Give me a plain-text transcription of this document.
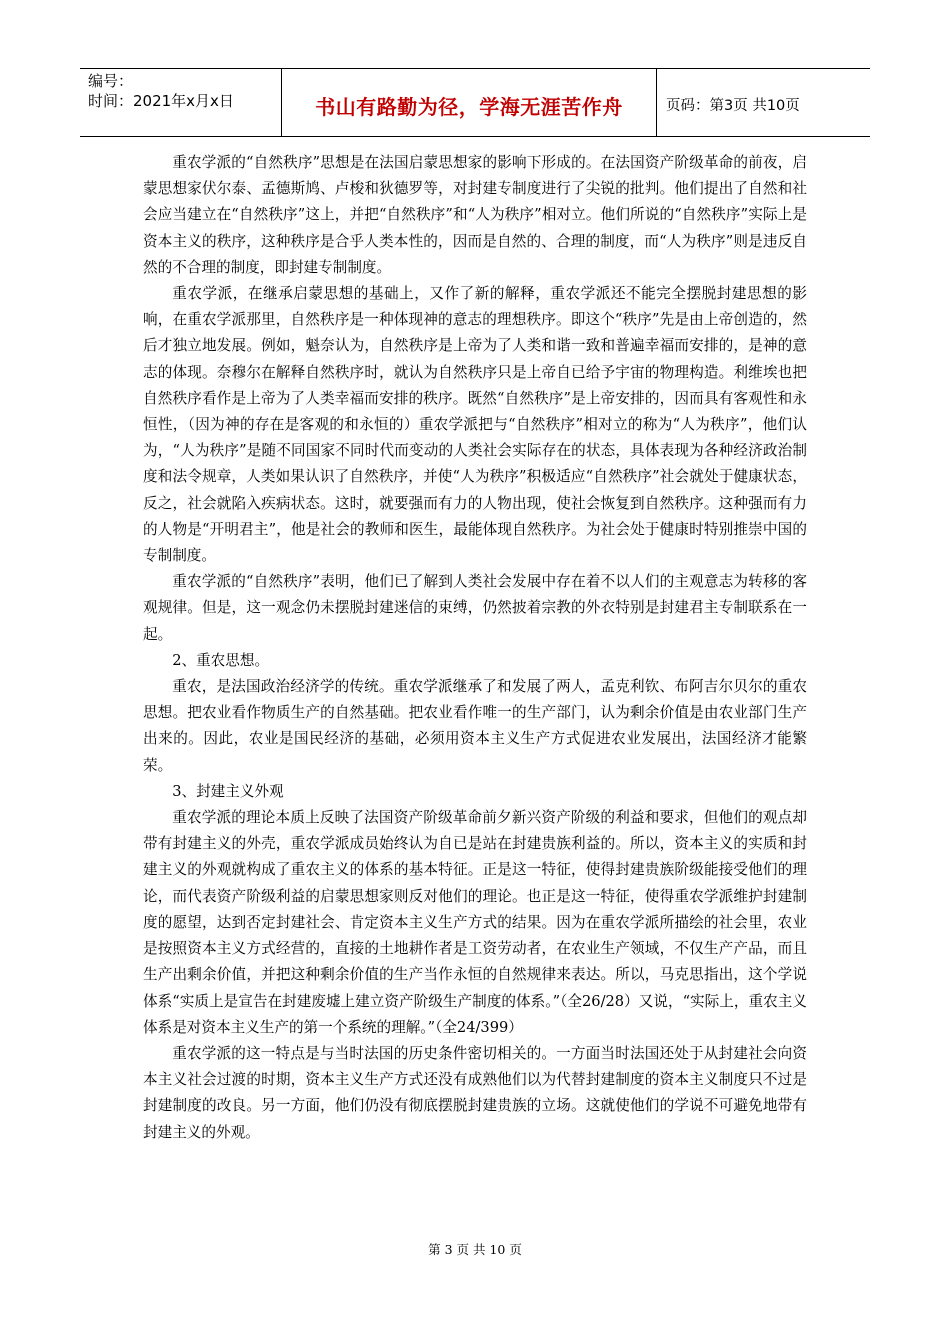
编号：
时间：2021年x月x日	书山有路勤为径，学海无涯苦作舟	页码：第3页 共10页

重农学派的“自然秩序”思想是在法国启蒙思想家的影响下形成的。在法国资产阶级革命的前夜，启蒙思想家伏尔泰、孟德斯鸠、卢梭和狄德罗等，对封建专制度进行了尖锐的批判。他们提出了自然和社会应当建立在“自然秩序”这上，并把“自然秩序”和“人为秩序”相对立。他们所说的“自然秩序”实际上是资本主义的秩序，这种秩序是合乎人类本性的，因而是自然的、合理的制度，而“人为秩序”则是违反自然的不合理的制度，即封建专制制度。

重农学派，在继承启蒙思想的基础上，又作了新的解释，重农学派还不能完全摆脱封建思想的影响，在重农学派那里，自然秩序是一种体现神的意志的理想秩序。即这个“秩序”先是由上帝创造的，然后才独立地发展。例如，魁奈认为，自然秩序是上帝为了人类和谐一致和普遍幸福而安排的，是神的意志的体现。奈穆尔在解释自然秩序时，就认为自然秩序只是上帝自已给予宇宙的物理构造。利维埃也把自然秩序看作是上帝为了人类幸福而安排的秩序。既然“自然秩序”是上帝安排的，因而具有客观性和永恒性，（因为神的存在是客观的和永恒的）重农学派把与“自然秩序”相对立的称为“人为秩序”，他们认为，“人为秩序”是随不同国家不同时代而变动的人类社会实际存在的状态，具体表现为各种经济政治制度和法令规章，人类如果认识了自然秩序，并使“人为秩序”积极适应“自然秩序”社会就处于健康状态，反之，社会就陷入疾病状态。这时，就要强而有力的人物出现，使社会恢复到自然秩序。这种强而有力的人物是“开明君主”，他是社会的教师和医生，最能体现自然秩序。为社会处于健康时特别推崇中国的专制制度。

重农学派的“自然秩序”表明，他们已了解到人类社会发展中存在着不以人们的主观意志为转移的客观规律。但是，这一观念仍未摆脱封建迷信的束缚，仍然披着宗教的外衣特别是封建君主专制联系在一起。

2、重农思想。

重农，是法国政治经济学的传统。重农学派继承了和发展了两人，孟克利钦、布阿吉尔贝尔的重农思想。把农业看作物质生产的自然基础。把农业看作唯一的生产部门，认为剩余价值是由农业部门生产出来的。因此，农业是国民经济的基础，必须用资本主义生产方式促进农业发展出，法国经济才能繁荣。

3、封建主义外观

重农学派的理论本质上反映了法国资产阶级革命前夕新兴资产阶级的利益和要求，但他们的观点却带有封建主义的外壳，重农学派成员始终认为自已是站在封建贵族利益的。所以，资本主义的实质和封建主义的外观就构成了重农主义的体系的基本特征。正是这一特征，使得封建贵族阶级能接受他们的理论，而代表资产阶级利益的启蒙思想家则反对他们的理论。也正是这一特征，使得重农学派维护封建制度的愿望，达到否定封建社会、肯定资本主义生产方式的结果。因为在重农学派所描绘的社会里，农业是按照资本主义方式经营的，直接的土地耕作者是工资劳动者，在农业生产领域，不仅生产产品，而且生产出剩余价值，并把这种剩余价值的生产当作永恒的自然规律来表达。所以，马克思指出，这个学说体系“实质上是宣告在封建废墟上建立资产阶级生产制度的体系。”（全26/28）又说，“实际上，重农主义体系是对资本主义生产的第一个系统的理解。”（全24/399）

重农学派的这一特点是与当时法国的历史条件密切相关的。一方面当时法国还处于从封建社会向资本主义社会过渡的时期，资本主义生产方式还没有成熟他们以为代替封建制度的资本主义制度只不过是封建制度的改良。另一方面，他们仍没有彻底摆脱封建贵族的立场。这就使他们的学说不可避免地带有封建主义的外观。

第 3 页 共 10 页
